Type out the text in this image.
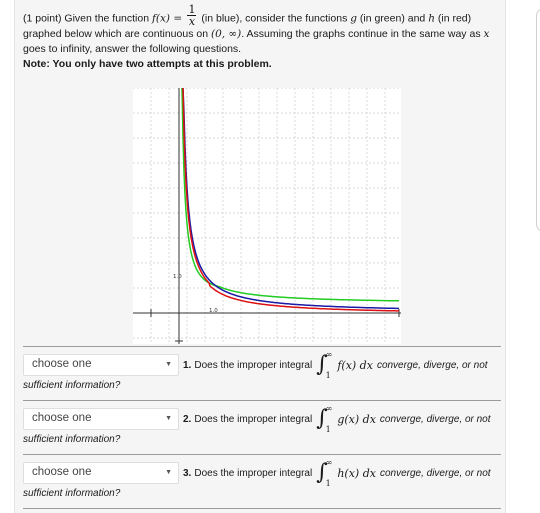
(1 point) Given the function $f(x) = \frac{1}{x} (in$ blue), consider the functions g (in green) and h (in red) graphed below which are continuous on (0, ∞). Assuming the graphs continue in the same way as x goes to infinity, answer the following questions.
Note: You only have two attempts at this problem.
1.0
1.0
choose one	▼ 1. Does the improper integral ∫
∞
1
f(x) dx converge, diverge, or not
sufficient information?
choose one	▼ 2. Does the improper integral ∫
∞
1
g(x) dx converge, diverge, or not
sufficient information?
choose one	▼ 3. Does the improper integral ∫
∞
1
h(x) dx converge, diverge, or not
sufficient information?
